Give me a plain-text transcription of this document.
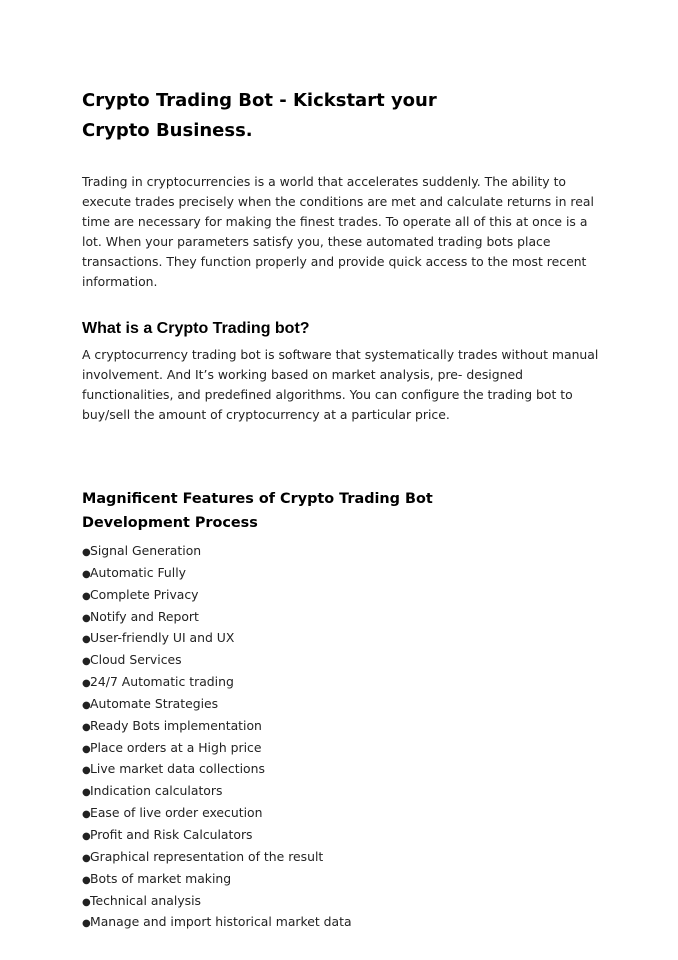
Crypto Trading Bot - Kickstart your Crypto Business.

Trading in cryptocurrencies is a world that accelerates suddenly. The ability to execute trades precisely when the conditions are met and calculate returns in real time are necessary for making the finest trades. To operate all of this at once is a lot. When your parameters satisfy you, these automated trading bots place transactions. They function properly and provide quick access to the most recent information.

What is a Crypto Trading bot?

A cryptocurrency trading bot is software that systematically trades without manual involvement. And It’s working based on market analysis, pre- designed functionalities, and predefined algorithms. You can configure the trading bot to buy/sell the amount of cryptocurrency at a particular price.

Magnificent Features of Crypto Trading Bot Development Process
●Signal Generation
●Automatic Fully
●Complete Privacy
●Notify and Report
●User-friendly UI and UX
●Cloud Services
●24/7 Automatic trading
●Automate Strategies
●Ready Bots implementation
●Place orders at a High price
●Live market data collections
●Indication calculators
●Ease of live order execution
●Profit and Risk Calculators
●Graphical representation of the result
●Bots of market making
●Technical analysis
●Manage and import historical market data
